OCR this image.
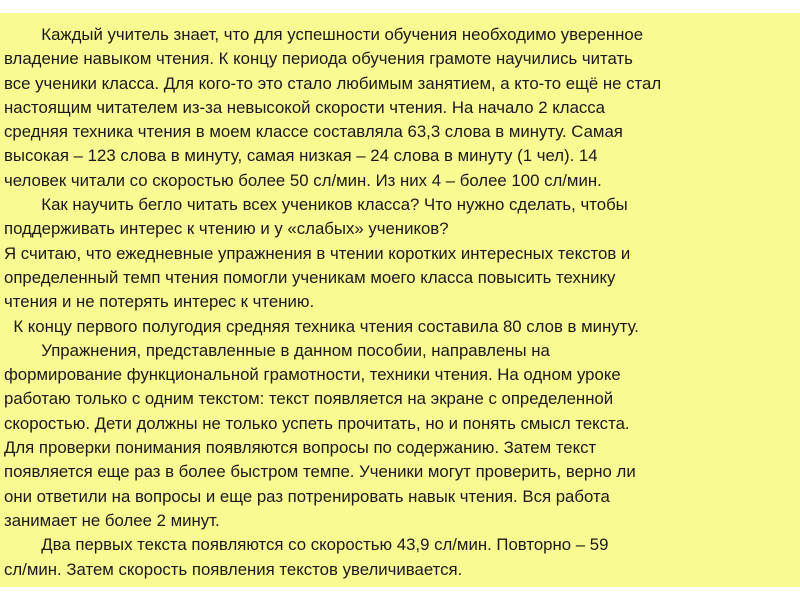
Каждый учитель знает, что для успешности обучения необходимо уверенное
владение навыком чтения. К концу периода обучения грамоте научились читать
все ученики класса. Для кого-то это стало любимым занятием, а кто-то ещё не стал
настоящим читателем из-за невысокой скорости чтения. На начало 2 класса
средняя техника чтения в моем классе составляла 63,3 слова в минуту. Самая
высокая – 123 слова в минуту, самая низкая – 24 слова в минуту (1 чел). 14
человек читали со скоростью более 50 сл/мин. Из них 4 – более 100 сл/мин.
Как научить бегло читать всех учеников класса? Что нужно сделать, чтобы
поддерживать интерес к чтению и у «слабых» учеников?
Я считаю, что ежедневные упражнения в чтении коротких интересных текстов и
определенный темп чтения помогли ученикам моего класса повысить технику
чтения и не потерять интерес к чтению.
К концу первого полугодия средняя техника чтения составила 80 слов в минуту.
Упражнения, представленные в данном пособии, направлены на
формирование функциональной грамотности, техники чтения. На одном уроке
работаю только с одним текстом: текст появляется на экране с определенной
скоростью. Дети должны не только успеть прочитать, но и понять смысл текста.
Для проверки понимания появляются вопросы по содержанию. Затем текст
появляется еще раз в более быстром темпе. Ученики могут проверить, верно ли
они ответили на вопросы и еще раз потренировать навык чтения. Вся работа
занимает не более 2 минут.
Два первых текста появляются со скоростью 43,9 сл/мин. Повторно – 59
сл/мин. Затем скорость появления текстов увеличивается.
